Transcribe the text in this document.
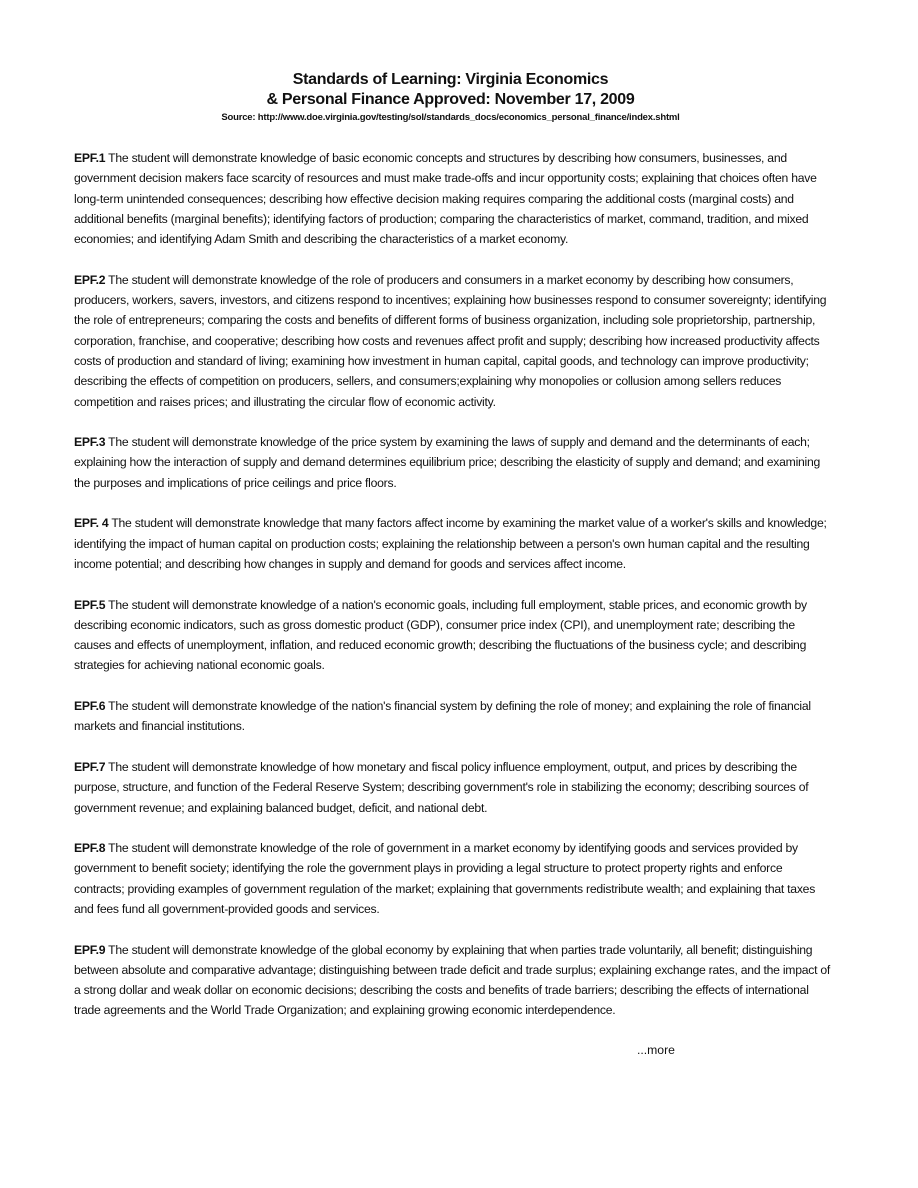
Standards of Learning: Virginia Economics
& Personal Finance Approved: November 17, 2009
Source: http://www.doe.virginia.gov/testing/sol/standards_docs/economics_personal_finance/index.shtml

EPF.1 The student will demonstrate knowledge of basic economic concepts and structures by describing how consumers, businesses, and government decision makers face scarcity of resources and must make trade-offs and incur opportunity costs; explaining that choices often have long-term unintended consequences; describing how effective decision making requires comparing the additional costs (marginal costs) and additional benefits (marginal benefits); identifying factors of production; comparing the characteristics of market, command, tradition, and mixed economies; and identifying Adam Smith and describing the characteristics of a market economy.

EPF.2 The student will demonstrate knowledge of the role of producers and consumers in a market economy by describing how consumers, producers, workers, savers, investors, and citizens respond to incentives; explaining how businesses respond to consumer sovereignty; identifying the role of entrepreneurs; comparing the costs and benefits of different forms of business organization, including sole proprietorship, partnership, corporation, franchise, and cooperative; describing how costs and revenues affect profit and supply; describing how increased productivity affects costs of production and standard of living; examining how investment in human capital, capital goods, and technology can improve productivity; describing the effects of competition on producers, sellers, and consumers;explaining why monopolies or collusion among sellers reduces competition and raises prices; and illustrating the circular flow of economic activity.

EPF.3 The student will demonstrate knowledge of the price system by examining the laws of supply and demand and the determinants of each; explaining how the interaction of supply and demand determines equilibrium price; describing the elasticity of supply and demand; and examining the purposes and implications of price ceilings and price floors.

EPF. 4 The student will demonstrate knowledge that many factors affect income by examining the market value of a worker's skills and knowledge; identifying the impact of human capital on production costs; explaining the relationship between a person's own human capital and the resulting income potential; and describing how changes in supply and demand for goods and services affect income.

EPF.5 The student will demonstrate knowledge of a nation's economic goals, including full employment, stable prices, and economic growth by describing economic indicators, such as gross domestic product (GDP), consumer price index (CPI), and unemployment rate; describing the causes and effects of unemployment, inflation, and reduced economic growth; describing the fluctuations of the business cycle; and describing strategies for achieving national economic goals.

EPF.6 The student will demonstrate knowledge of the nation's financial system by defining the role of money; and explaining the role of financial markets and financial institutions.

EPF.7 The student will demonstrate knowledge of how monetary and fiscal policy influence employment, output, and prices by describing the purpose, structure, and function of the Federal Reserve System; describing government's role in stabilizing the economy; describing sources of government revenue; and explaining balanced budget, deficit, and national debt.

EPF.8 The student will demonstrate knowledge of the role of government in a market economy by identifying goods and services provided by government to benefit society; identifying the role the government plays in providing a legal structure to protect property rights and enforce contracts; providing examples of government regulation of the market; explaining that governments redistribute wealth; and explaining that taxes and fees fund all government-provided goods and services.

EPF.9 The student will demonstrate knowledge of the global economy by explaining that when parties trade voluntarily, all benefit; distinguishing between absolute and comparative advantage; distinguishing between trade deficit and trade surplus; explaining exchange rates, and the impact of a strong dollar and weak dollar on economic decisions; describing the costs and benefits of trade barriers; describing the effects of international trade agreements and the World Trade Organization; and explaining growing economic interdependence.

...more
